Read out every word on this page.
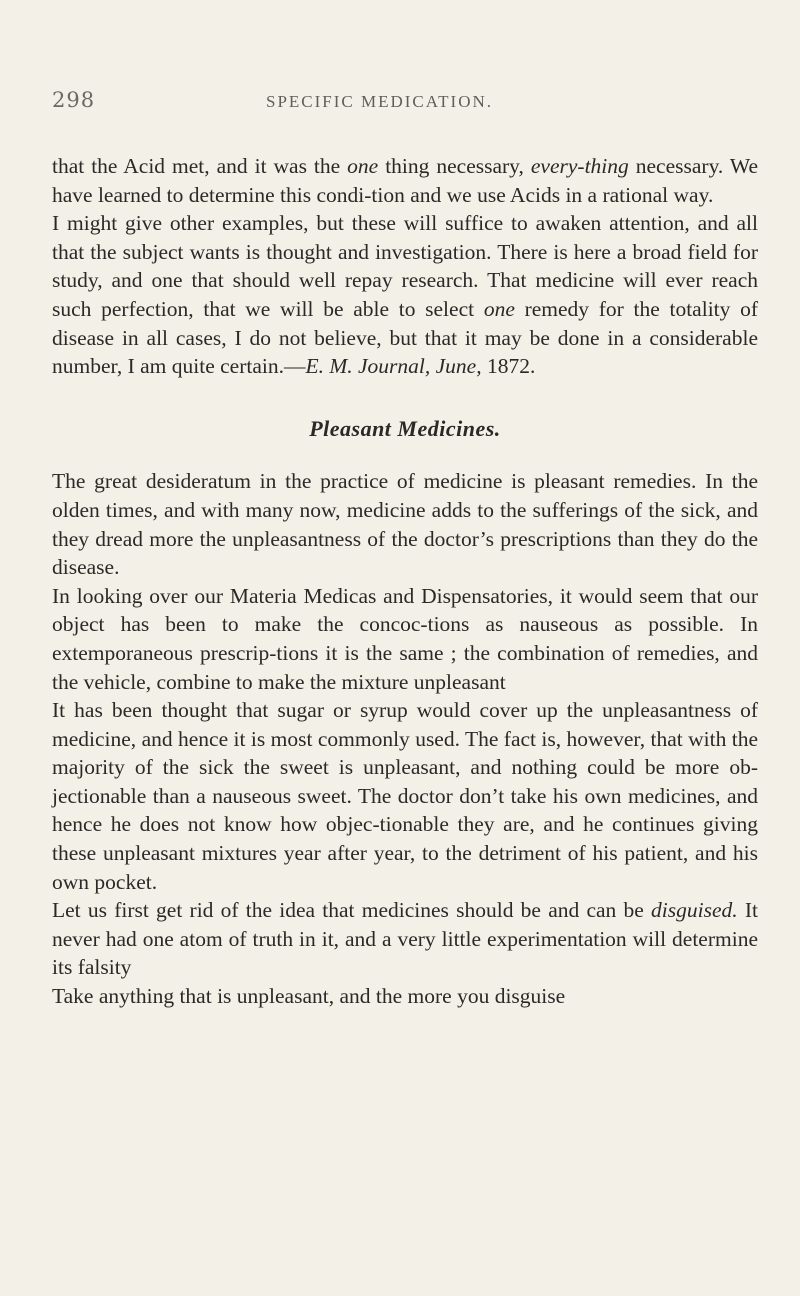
298	SPECIFIC MEDICATION.

that the Acid met, and it was the one thing necessary, every-thing necessary. We have learned to determine this condi-tion and we use Acids in a rational way.

I might give other examples, but these will suffice to awaken attention, and all that the subject wants is thought and investigation. There is here a broad field for study, and one that should well repay research. That medicine will ever reach such perfection, that we will be able to select one remedy for the totality of disease in all cases, I do not believe, but that it may be done in a considerable number, I am quite certain.—E. M. Journal, June, 1872.

Pleasant Medicines.

The great desideratum in the practice of medicine is pleasant remedies. In the olden times, and with many now, medicine adds to the sufferings of the sick, and they dread more the unpleasantness of the doctor’s prescriptions than they do the disease.

In looking over our Materia Medicas and Dispensatories, it would seem that our object has been to make the concoc-tions as nauseous as possible. In extemporaneous prescrip-tions it is the same ; the combination of remedies, and the vehicle, combine to make the mixture unpleasant

It has been thought that sugar or syrup would cover up the unpleasantness of medicine, and hence it is most commonly used. The fact is, however, that with the majority of the sick the sweet is unpleasant, and nothing could be more ob-jectionable than a nauseous sweet. The doctor don’t take his own medicines, and hence he does not know how objec-tionable they are, and he continues giving these unpleasant mixtures year after year, to the detriment of his patient, and his own pocket.

Let us first get rid of the idea that medicines should be and can be disguised. It never had one atom of truth in it, and a very little experimentation will determine its falsity

Take anything that is unpleasant, and the more you disguise
